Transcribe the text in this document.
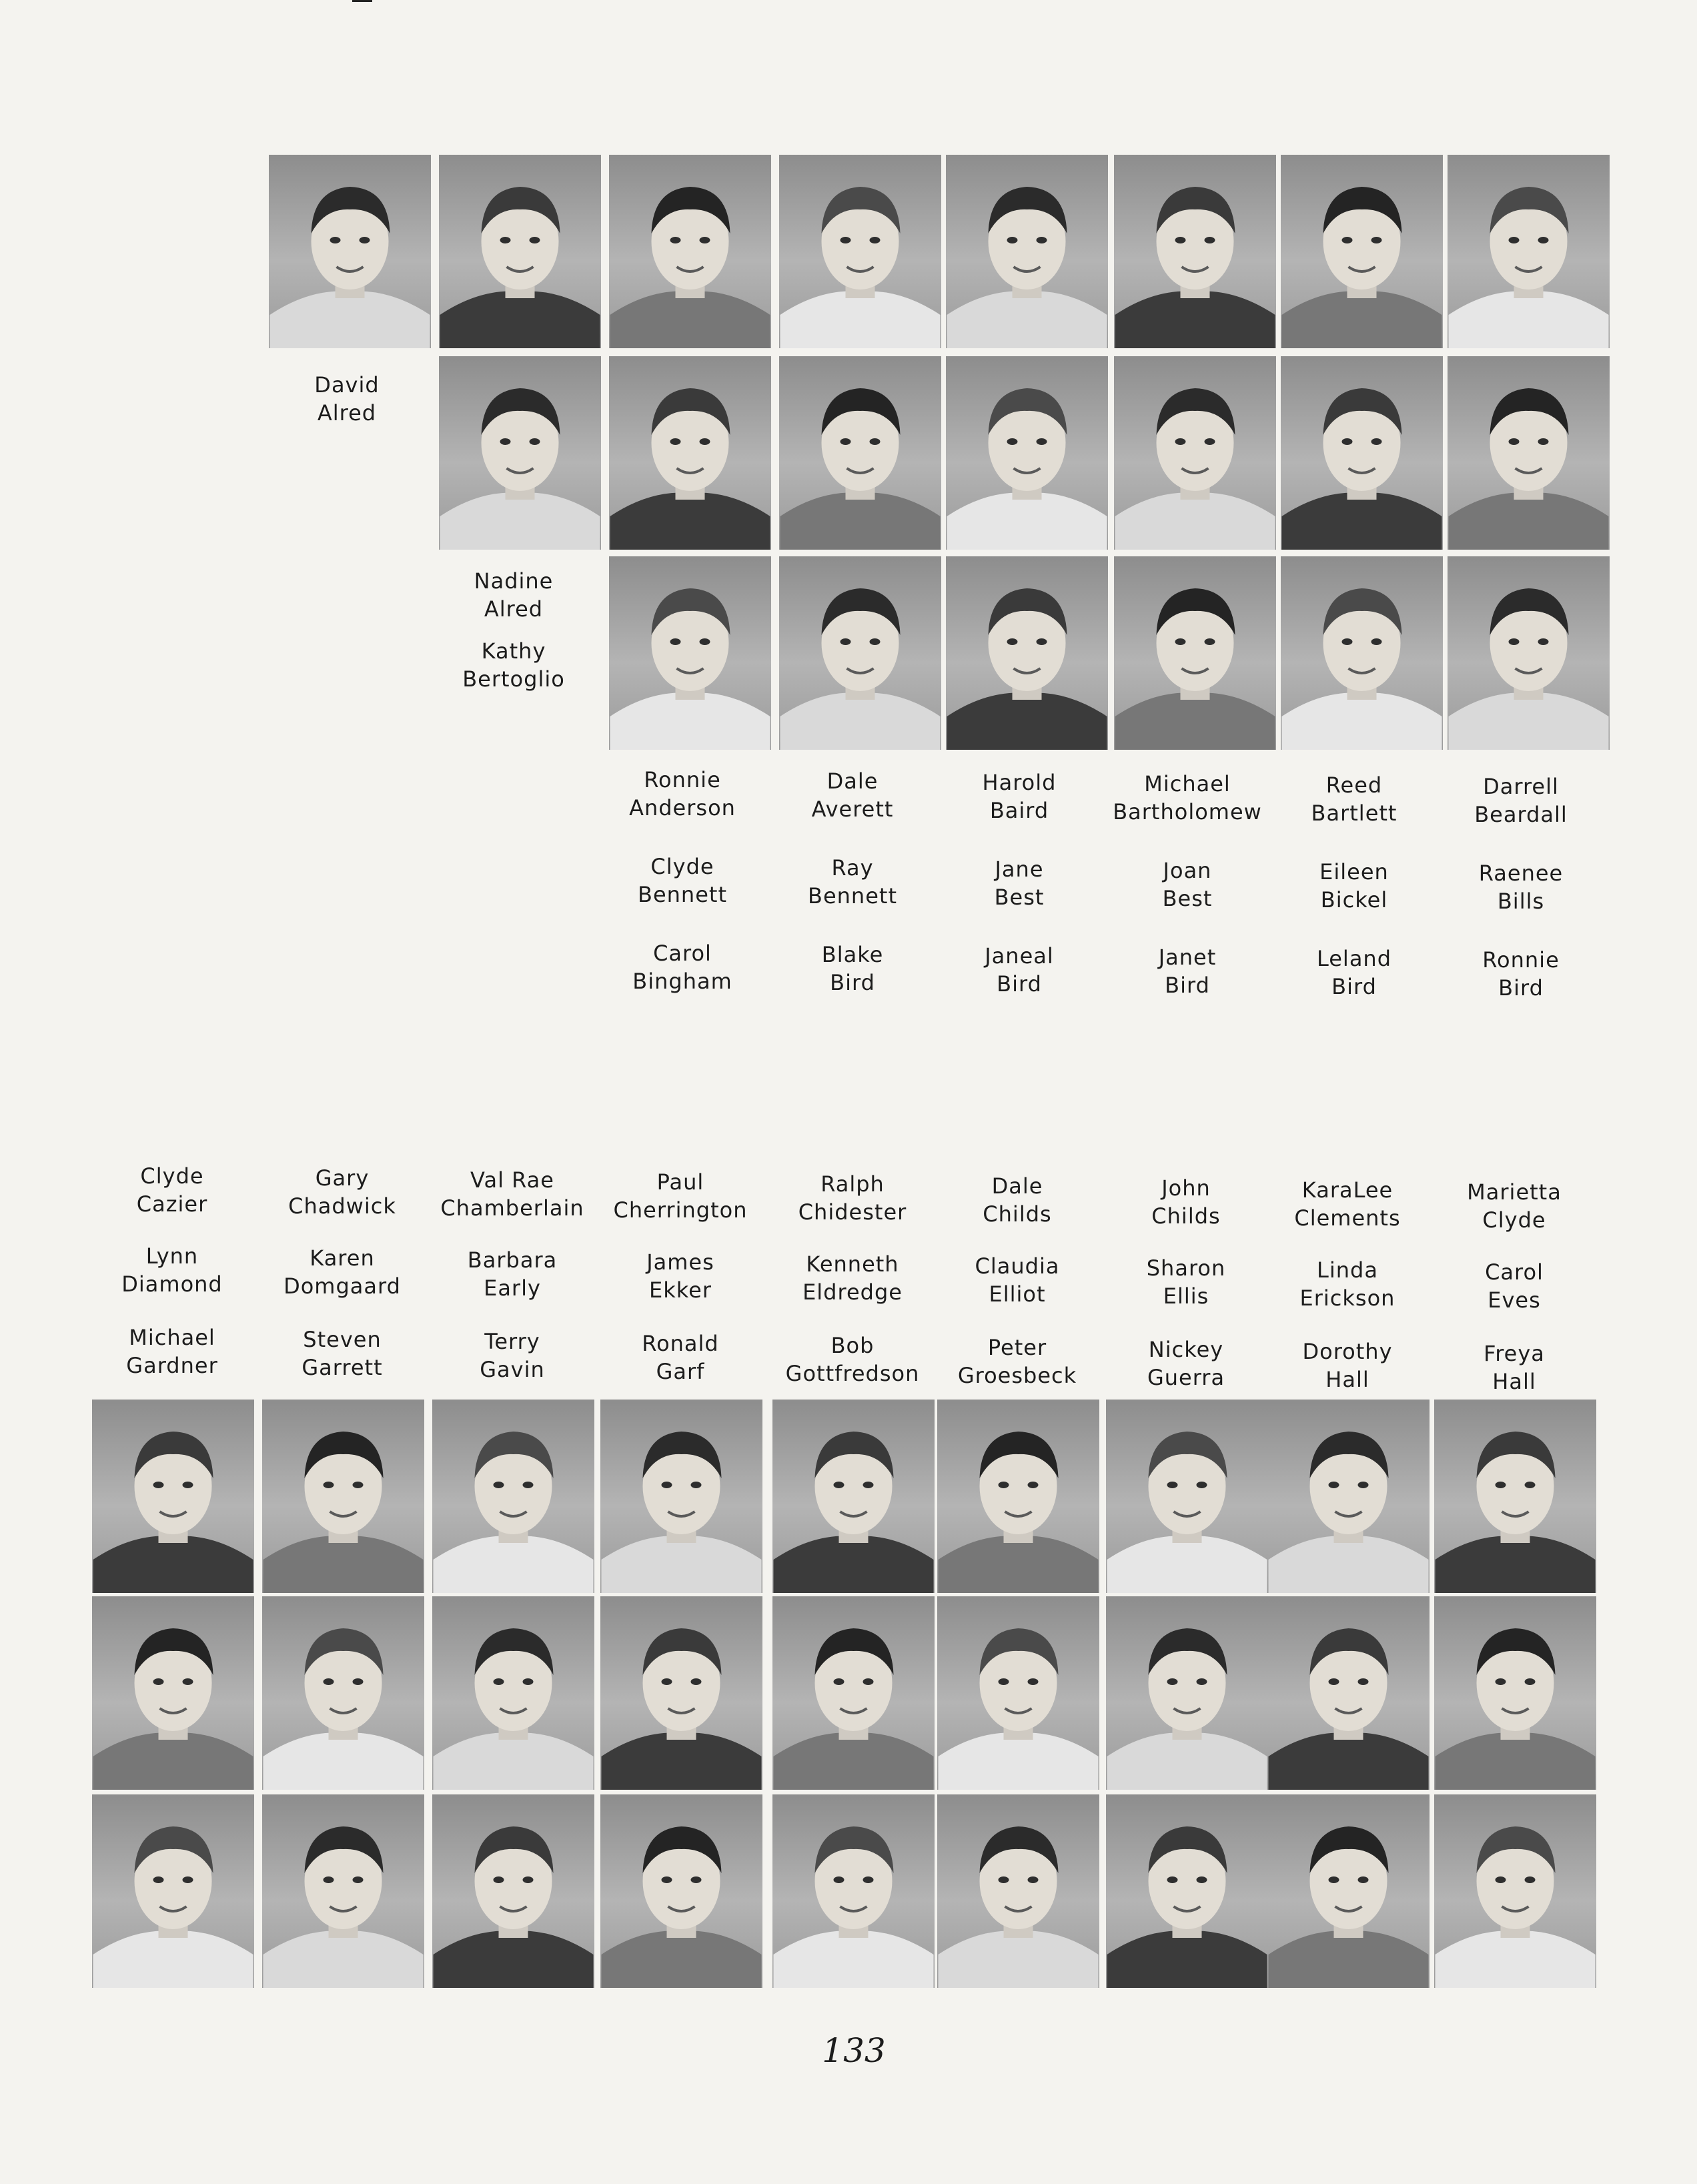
David
Alred
Nadine
Alred
Kathy
Bertoglio
Ronnie
Anderson
Dale
Averett
Harold
Baird
Michael
Bartholomew
Reed
Bartlett
Darrell
Beardall
Clyde
Bennett
Ray
Bennett
Jane
Best
Joan
Best
Eileen
Bickel
Raenee
Bills
Carol
Bingham
Blake
Bird
Janeal
Bird
Janet
Bird
Leland
Bird
Ronnie
Bird
Clyde
Cazier
Gary
Chadwick
Val Rae
Chamberlain
Paul
Cherrington
Ralph
Chidester
Dale
Childs
John
Childs
KaraLee
Clements
Marietta
Clyde
Lynn
Diamond
Karen
Domgaard
Barbara
Early
James
Ekker
Kenneth
Eldredge
Claudia
Elliot
Sharon
Ellis
Linda
Erickson
Carol
Eves
Michael
Gardner
Steven
Garrett
Terry
Gavin
Ronald
Garf
Bob
Gottfredson
Peter
Groesbeck
Nickey
Guerra
Dorothy
Hall
Freya
Hall
133
